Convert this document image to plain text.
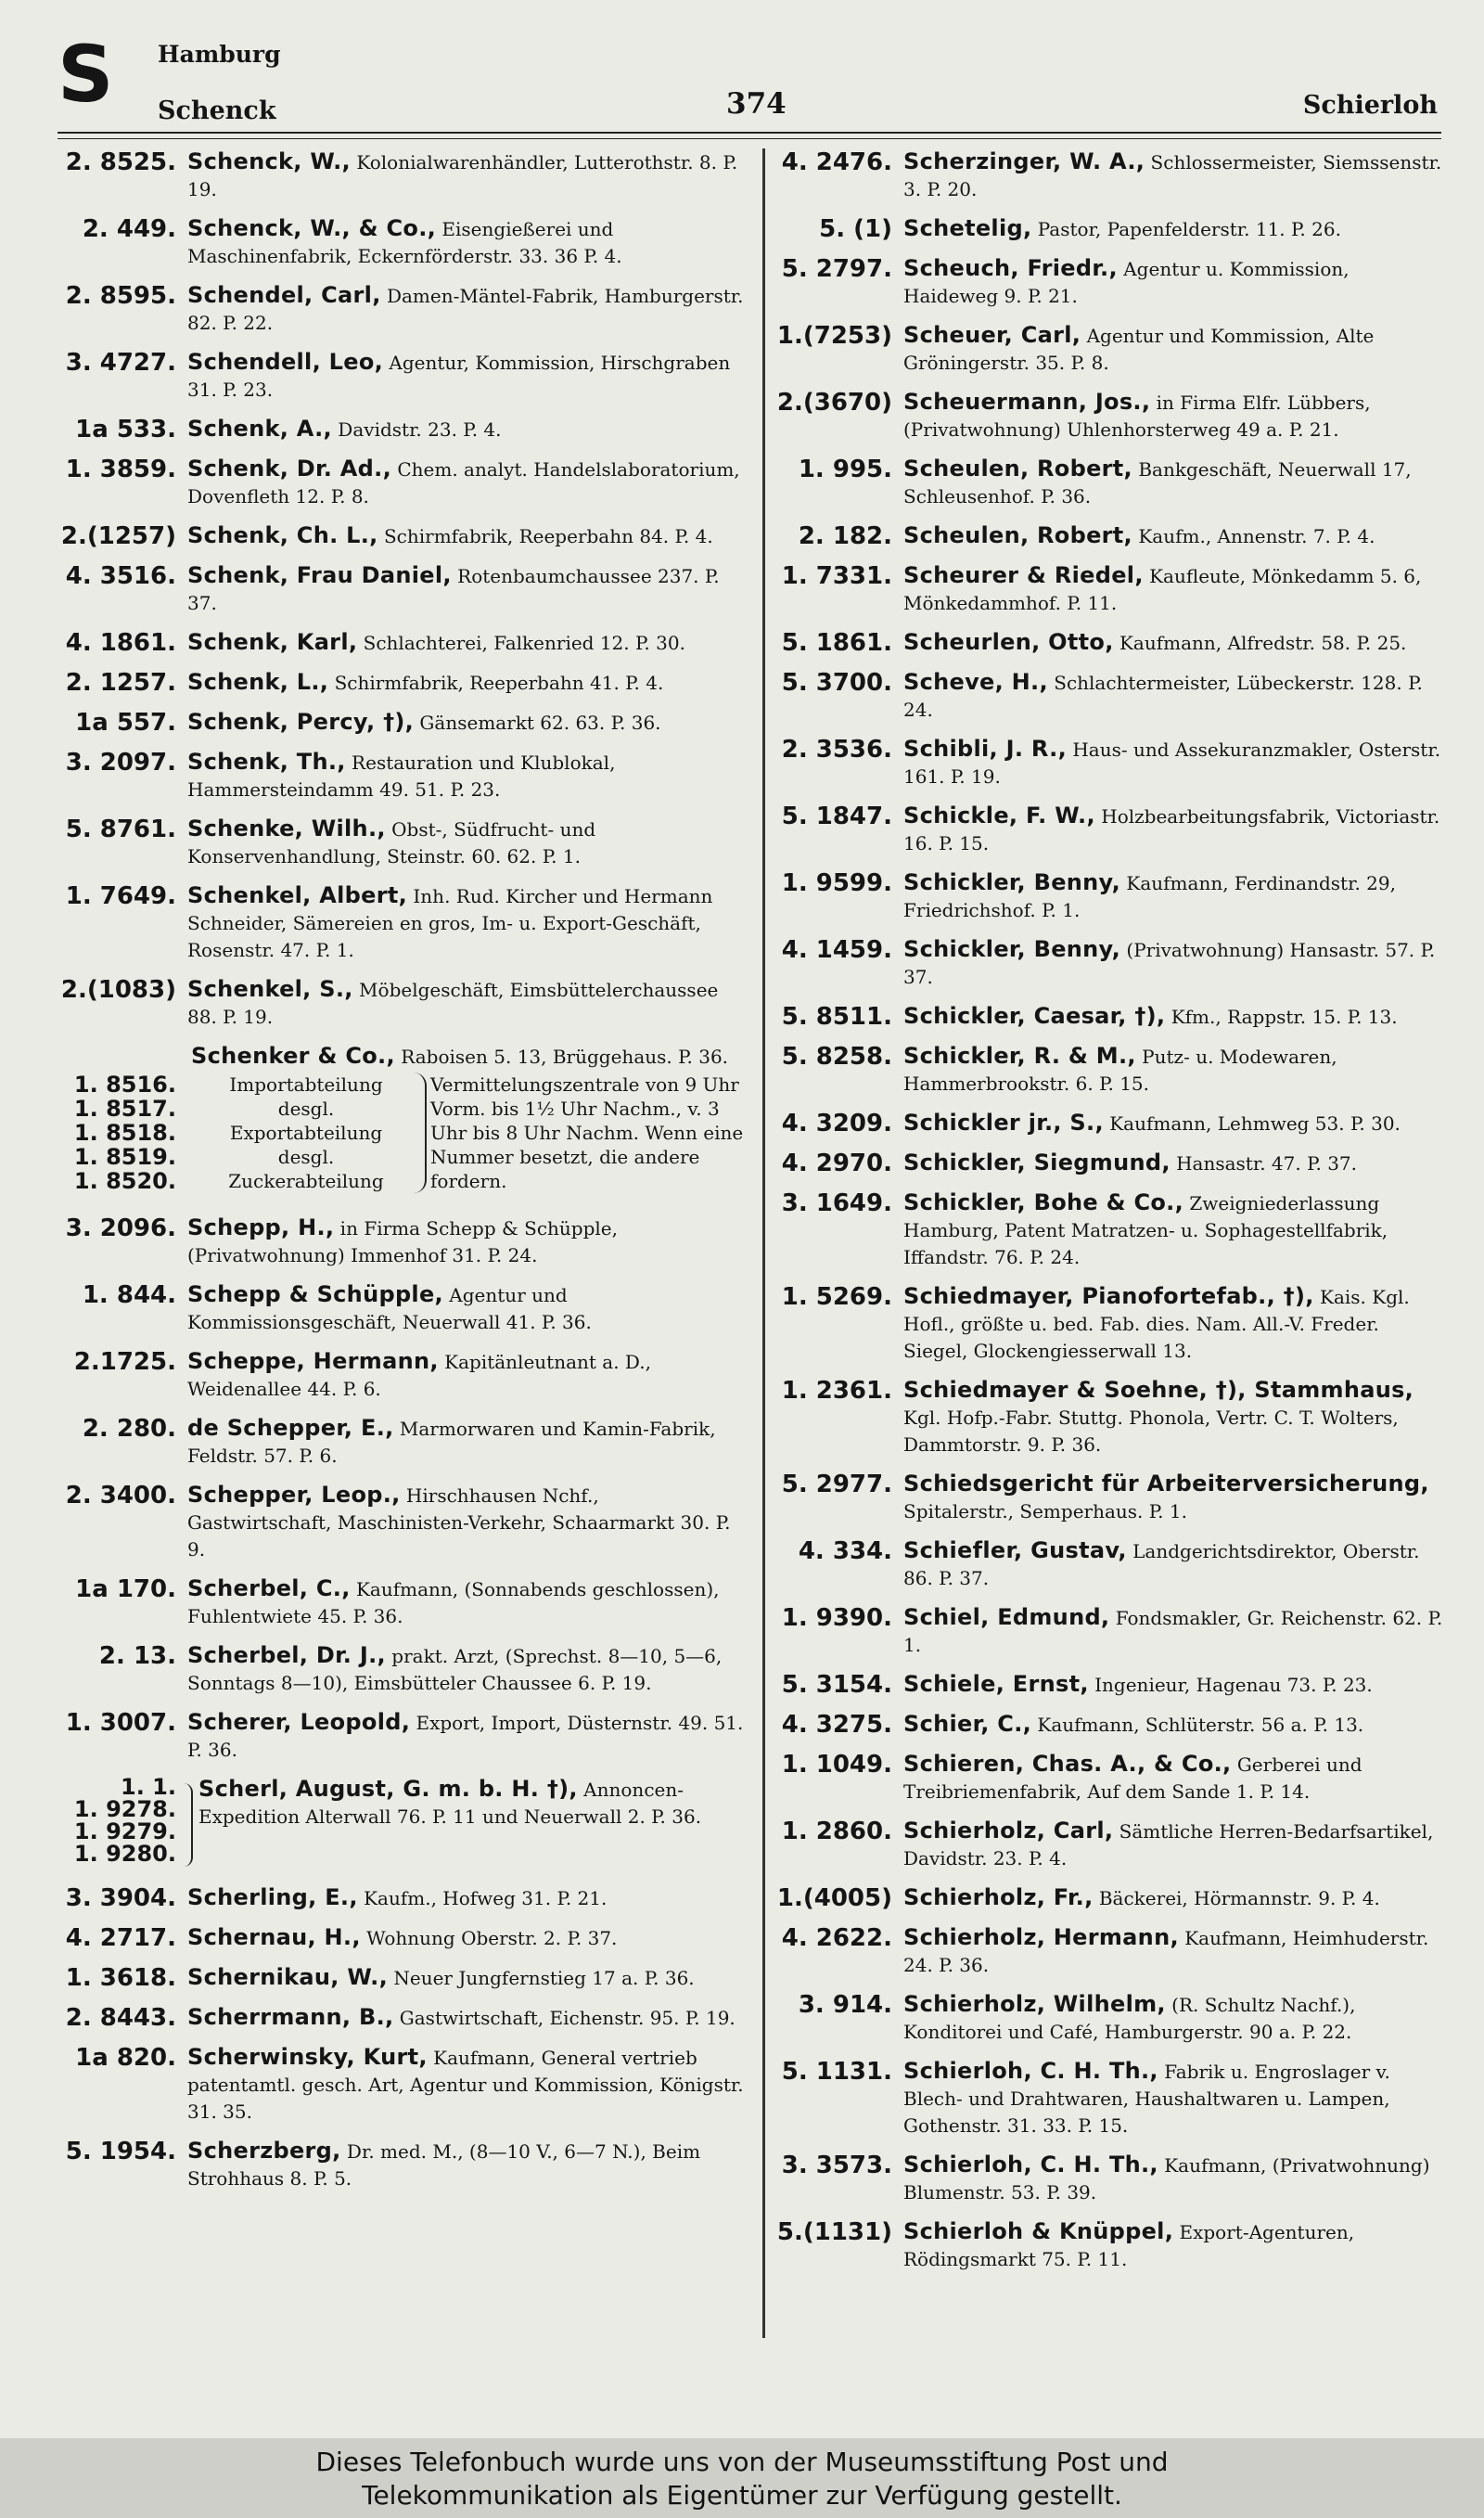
S Hamburg
Schenck	374	Schierloh
2. 8525. Schenck, W., Kolonialwarenhändler, Lutterothstr. 8. P. 19.
2. 449. Schenck, W., & Co., Eisengießerei und Maschinenfabrik, Eckernförderstr. 33. 36 P. 4.
2. 8595. Schendel, Carl, Damen-Mäntel-Fabrik, Hamburgerstr. 82. P. 22.
3. 4727. Schendell, Leo, Agentur, Kommission, Hirschgraben 31. P. 23.
1a 533. Schenk, A., Davidstr. 23. P. 4.
1. 3859. Schenk, Dr. Ad., Chem. analyt. Handelslaboratorium, Dovenfleth 12. P. 8.
2.(1257) Schenk, Ch. L., Schirmfabrik, Reeperbahn 84. P. 4.
4. 3516. Schenk, Frau Daniel, Rotenbaumchaussee 237. P. 37.
4. 1861. Schenk, Karl, Schlachterei, Falkenried 12. P. 30.
2. 1257. Schenk, L., Schirmfabrik, Reeperbahn 41. P. 4.
1a 557. Schenk, Percy, †), Gänsemarkt 62. 63. P. 36.
3. 2097. Schenk, Th., Restauration und Klublokal, Hammersteindamm 49. 51. P. 23.
5. 8761. Schenke, Wilh., Obst-, Südfrucht- und Konservenhandlung, Steinstr. 60. 62. P. 1.
1. 7649. Schenkel, Albert, Inh. Rud. Kircher und Hermann Schneider, Sämereien en gros, Im- u. Export-Geschäft, Rosenstr. 47. P. 1.
2.(1083) Schenkel, S., Möbelgeschäft, Eimsbüttelerchaussee 88. P. 19.
Schenker & Co., Raboisen 5. 13, Brüggehaus. P. 36.
1. 8516.
1. 8517.
1. 8518.
1. 8519.
1. 8520.
Importabteilung
desgl.
Exportabteilung
desgl.
Zuckerabteilung
Vermittelungszentrale von 9 Uhr Vorm. bis 1½ Uhr Nachm., v. 3 Uhr bis 8 Uhr Nachm. Wenn eine Nummer besetzt, die andere fordern.
3. 2096. Schepp, H., in Firma Schepp & Schüpple, (Privatwohnung) Immenhof 31. P. 24.
1. 844. Schepp & Schüpple, Agentur und Kommissionsgeschäft, Neuerwall 41. P. 36.
2.1725. Scheppe, Hermann, Kapitänleutnant a. D., Weidenallee 44. P. 6.
2. 280. de Schepper, E., Marmorwaren und Kamin-Fabrik, Feldstr. 57. P. 6.
2. 3400. Schepper, Leop., Hirschhausen Nchf., Gastwirtschaft, Maschinisten-Verkehr, Schaarmarkt 30. P. 9.
1a 170. Scherbel, C., Kaufmann, (Sonnabends geschlossen), Fuhlentwiete 45. P. 36.
2. 13. Scherbel, Dr. J., prakt. Arzt, (Sprechst. 8—10, 5—6, Sonntags 8—10), Eimsbütteler Chaussee 6. P. 19.
1. 3007. Scherer, Leopold, Export, Import, Düsternstr. 49. 51. P. 36.
1. 1.
1. 9278.
1. 9279.
1. 9280.
Scherl, August, G. m. b. H. †), Annoncen-Expedition Alterwall 76. P. 11 und Neuerwall 2. P. 36.
3. 3904. Scherling, E., Kaufm., Hofweg 31. P. 21.
4. 2717. Schernau, H., Wohnung Oberstr. 2. P. 37.
1. 3618. Schernikau, W., Neuer Jungfernstieg 17 a. P. 36.
2. 8443. Scherrmann, B., Gastwirtschaft, Eichenstr. 95. P. 19.
1a 820. Scherwinsky, Kurt, Kaufmann, General vertrieb patentamtl. gesch. Art, Agentur und Kommission, Königstr. 31. 35.
5. 1954. Scherzberg, Dr. med. M., (8—10 V., 6—7 N.), Beim Strohhaus 8. P. 5.
4. 2476. Scherzinger, W. A., Schlossermeister, Siemssenstr. 3. P. 20.
5. (1) Schetelig, Pastor, Papenfelderstr. 11. P. 26.
5. 2797. Scheuch, Friedr., Agentur u. Kommission, Haideweg 9. P. 21.
1.(7253) Scheuer, Carl, Agentur und Kommission, Alte Gröningerstr. 35. P. 8.
2.(3670) Scheuermann, Jos., in Firma Elfr. Lübbers, (Privatwohnung) Uhlenhorsterweg 49 a. P. 21.
1. 995. Scheulen, Robert, Bankgeschäft, Neuerwall 17, Schleusenhof. P. 36.
2. 182. Scheulen, Robert, Kaufm., Annenstr. 7. P. 4.
1. 7331. Scheurer & Riedel, Kaufleute, Mönkedamm 5. 6, Mönkedammhof. P. 11.
5. 1861. Scheurlen, Otto, Kaufmann, Alfredstr. 58. P. 25.
5. 3700. Scheve, H., Schlachtermeister, Lübeckerstr. 128. P. 24.
2. 3536. Schibli, J. R., Haus- und Assekuranzmakler, Osterstr. 161. P. 19.
5. 1847. Schickle, F. W., Holzbearbeitungsfabrik, Victoriastr. 16. P. 15.
1. 9599. Schickler, Benny, Kaufmann, Ferdinandstr. 29, Friedrichshof. P. 1.
4. 1459. Schickler, Benny, (Privatwohnung) Hansastr. 57. P. 37.
5. 8511. Schickler, Caesar, †), Kfm., Rappstr. 15. P. 13.
5. 8258. Schickler, R. & M., Putz- u. Modewaren, Hammerbrookstr. 6. P. 15.
4. 3209. Schickler jr., S., Kaufmann, Lehmweg 53. P. 30.
4. 2970. Schickler, Siegmund, Hansastr. 47. P. 37.
3. 1649. Schickler, Bohe & Co., Zweigniederlassung Hamburg, Patent Matratzen- u. Sophagestellfabrik, Iffandstr. 76. P. 24.
1. 5269. Schiedmayer, Pianofortefab., †), Kais. Kgl. Hofl., größte u. bed. Fab. dies. Nam. All.-V. Freder. Siegel, Glockengiesserwall 13.
1. 2361. Schiedmayer & Soehne, †), Stammhaus, Kgl. Hofp.-Fabr. Stuttg. Phonola, Vertr. C. T. Wolters, Dammtorstr. 9. P. 36.
5. 2977. Schiedsgericht für Arbeiterversicherung, Spitalerstr., Semperhaus. P. 1.
4. 334. Schiefler, Gustav, Landgerichtsdirektor, Oberstr. 86. P. 37.
1. 9390. Schiel, Edmund, Fondsmakler, Gr. Reichenstr. 62. P. 1.
5. 3154. Schiele, Ernst, Ingenieur, Hagenau 73. P. 23.
4. 3275. Schier, C., Kaufmann, Schlüterstr. 56 a. P. 13.
1. 1049. Schieren, Chas. A., & Co., Gerberei und Treibriemenfabrik, Auf dem Sande 1. P. 14.
1. 2860. Schierholz, Carl, Sämtliche Herren-Bedarfsartikel, Davidstr. 23. P. 4.
1.(4005) Schierholz, Fr., Bäckerei, Hörmannstr. 9. P. 4.
4. 2622. Schierholz, Hermann, Kaufmann, Heimhuderstr. 24. P. 36.
3. 914. Schierholz, Wilhelm, (R. Schultz Nachf.), Konditorei und Café, Hamburgerstr. 90 a. P. 22.
5. 1131. Schierloh, C. H. Th., Fabrik u. Engroslager v. Blech- und Drahtwaren, Haushaltwaren u. Lampen, Gothenstr. 31. 33. P. 15.
3. 3573. Schierloh, C. H. Th., Kaufmann, (Privatwohnung) Blumenstr. 53. P. 39.
5.(1131) Schierloh & Knüppel, Export-Agenturen, Rödingsmarkt 75. P. 11.
Dieses Telefonbuch wurde uns von der Museumsstiftung Post und
Telekommunikation als Eigentümer zur Verfügung gestellt.
